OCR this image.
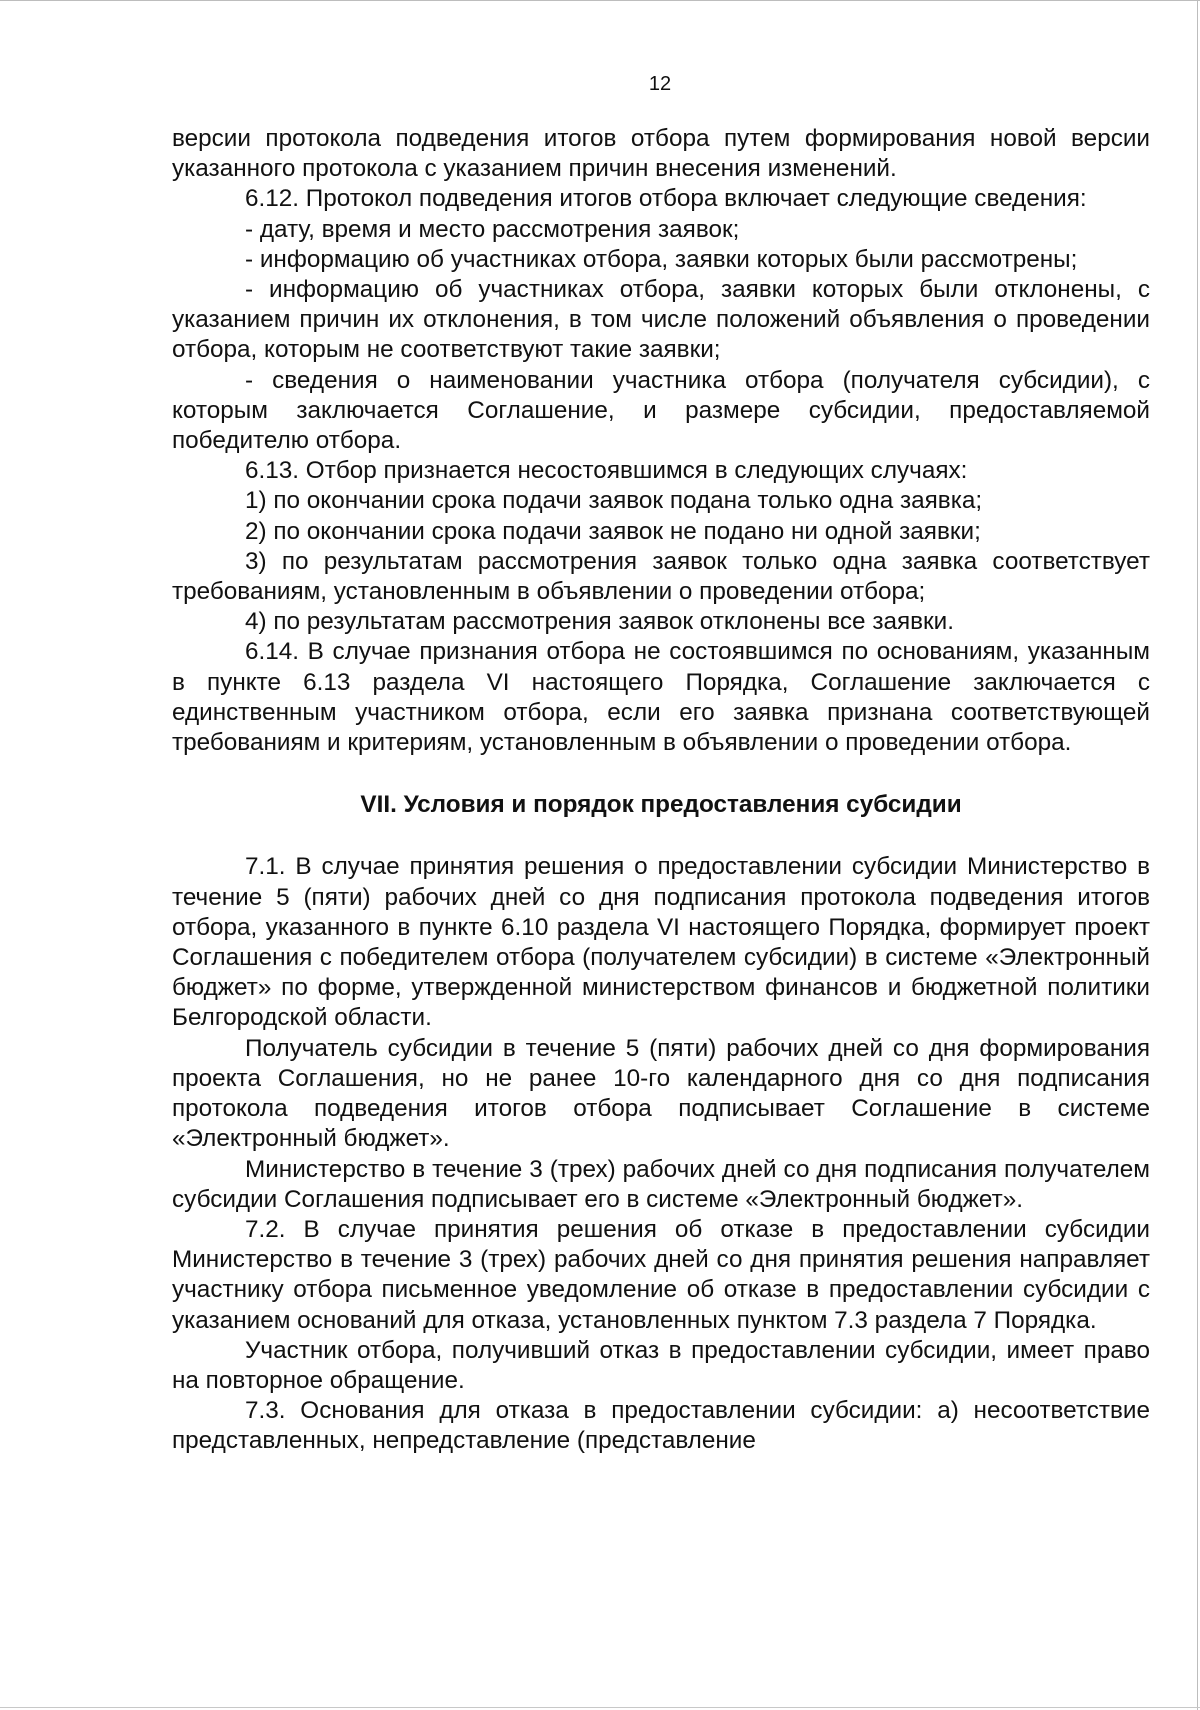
12

версии протокола подведения итогов отбора путем формирования новой версии указанного протокола с указанием причин внесения изменений.

6.12. Протокол подведения итогов отбора включает следующие сведения:

- дату, время и место рассмотрения заявок;

- информацию об участниках отбора, заявки которых были рассмотрены;

- информацию об участниках отбора, заявки которых были отклонены, с указанием причин их отклонения, в том числе положений объявления о проведении отбора, которым не соответствуют такие заявки;

- сведения о наименовании участника отбора (получателя субсидии), с которым заключается Соглашение, и размере субсидии, предоставляемой победителю отбора.

6.13. Отбор признается несостоявшимся в следующих случаях:

1) по окончании срока подачи заявок подана только одна заявка;

2) по окончании срока подачи заявок не подано ни одной заявки;

3) по результатам рассмотрения заявок только одна заявка соответствует требованиям, установленным в объявлении о проведении отбора;

4) по результатам рассмотрения заявок отклонены все заявки.

6.14. В случае признания отбора не состоявшимся по основаниям, указанным в пункте 6.13 раздела VI настоящего Порядка, Соглашение заключается с единственным участником отбора, если его заявка признана соответствующей требованиям и критериям, установленным в объявлении о проведении отбора.

VII. Условия и порядок предоставления субсидии

7.1. В случае принятия решения о предоставлении субсидии Министерство в течение 5 (пяти) рабочих дней со дня подписания протокола подведения итогов отбора, указанного в пункте 6.10 раздела VI настоящего Порядка, формирует проект Соглашения с победителем отбора (получателем субсидии) в системе «Электронный бюджет» по форме, утвержденной министерством финансов и бюджетной политики Белгородской области.

Получатель субсидии в течение 5 (пяти) рабочих дней со дня формирования проекта Соглашения, но не ранее 10-го календарного дня со дня подписания протокола подведения итогов отбора подписывает Соглашение в системе «Электронный бюджет».

Министерство в течение 3 (трех) рабочих дней со дня подписания получателем субсидии Соглашения подписывает его в системе «Электронный бюджет».

7.2. В случае принятия решения об отказе в предоставлении субсидии Министерство в течение 3 (трех) рабочих дней со дня принятия решения направляет участнику отбора письменное уведомление об отказе в предоставлении субсидии с указанием оснований для отказа, установленных пунктом 7.3 раздела 7 Порядка.

Участник отбора, получивший отказ в предоставлении субсидии, имеет право на повторное обращение.

7.3. Основания для отказа в предоставлении субсидии: а) несоответствие представленных, непредставление (представление
